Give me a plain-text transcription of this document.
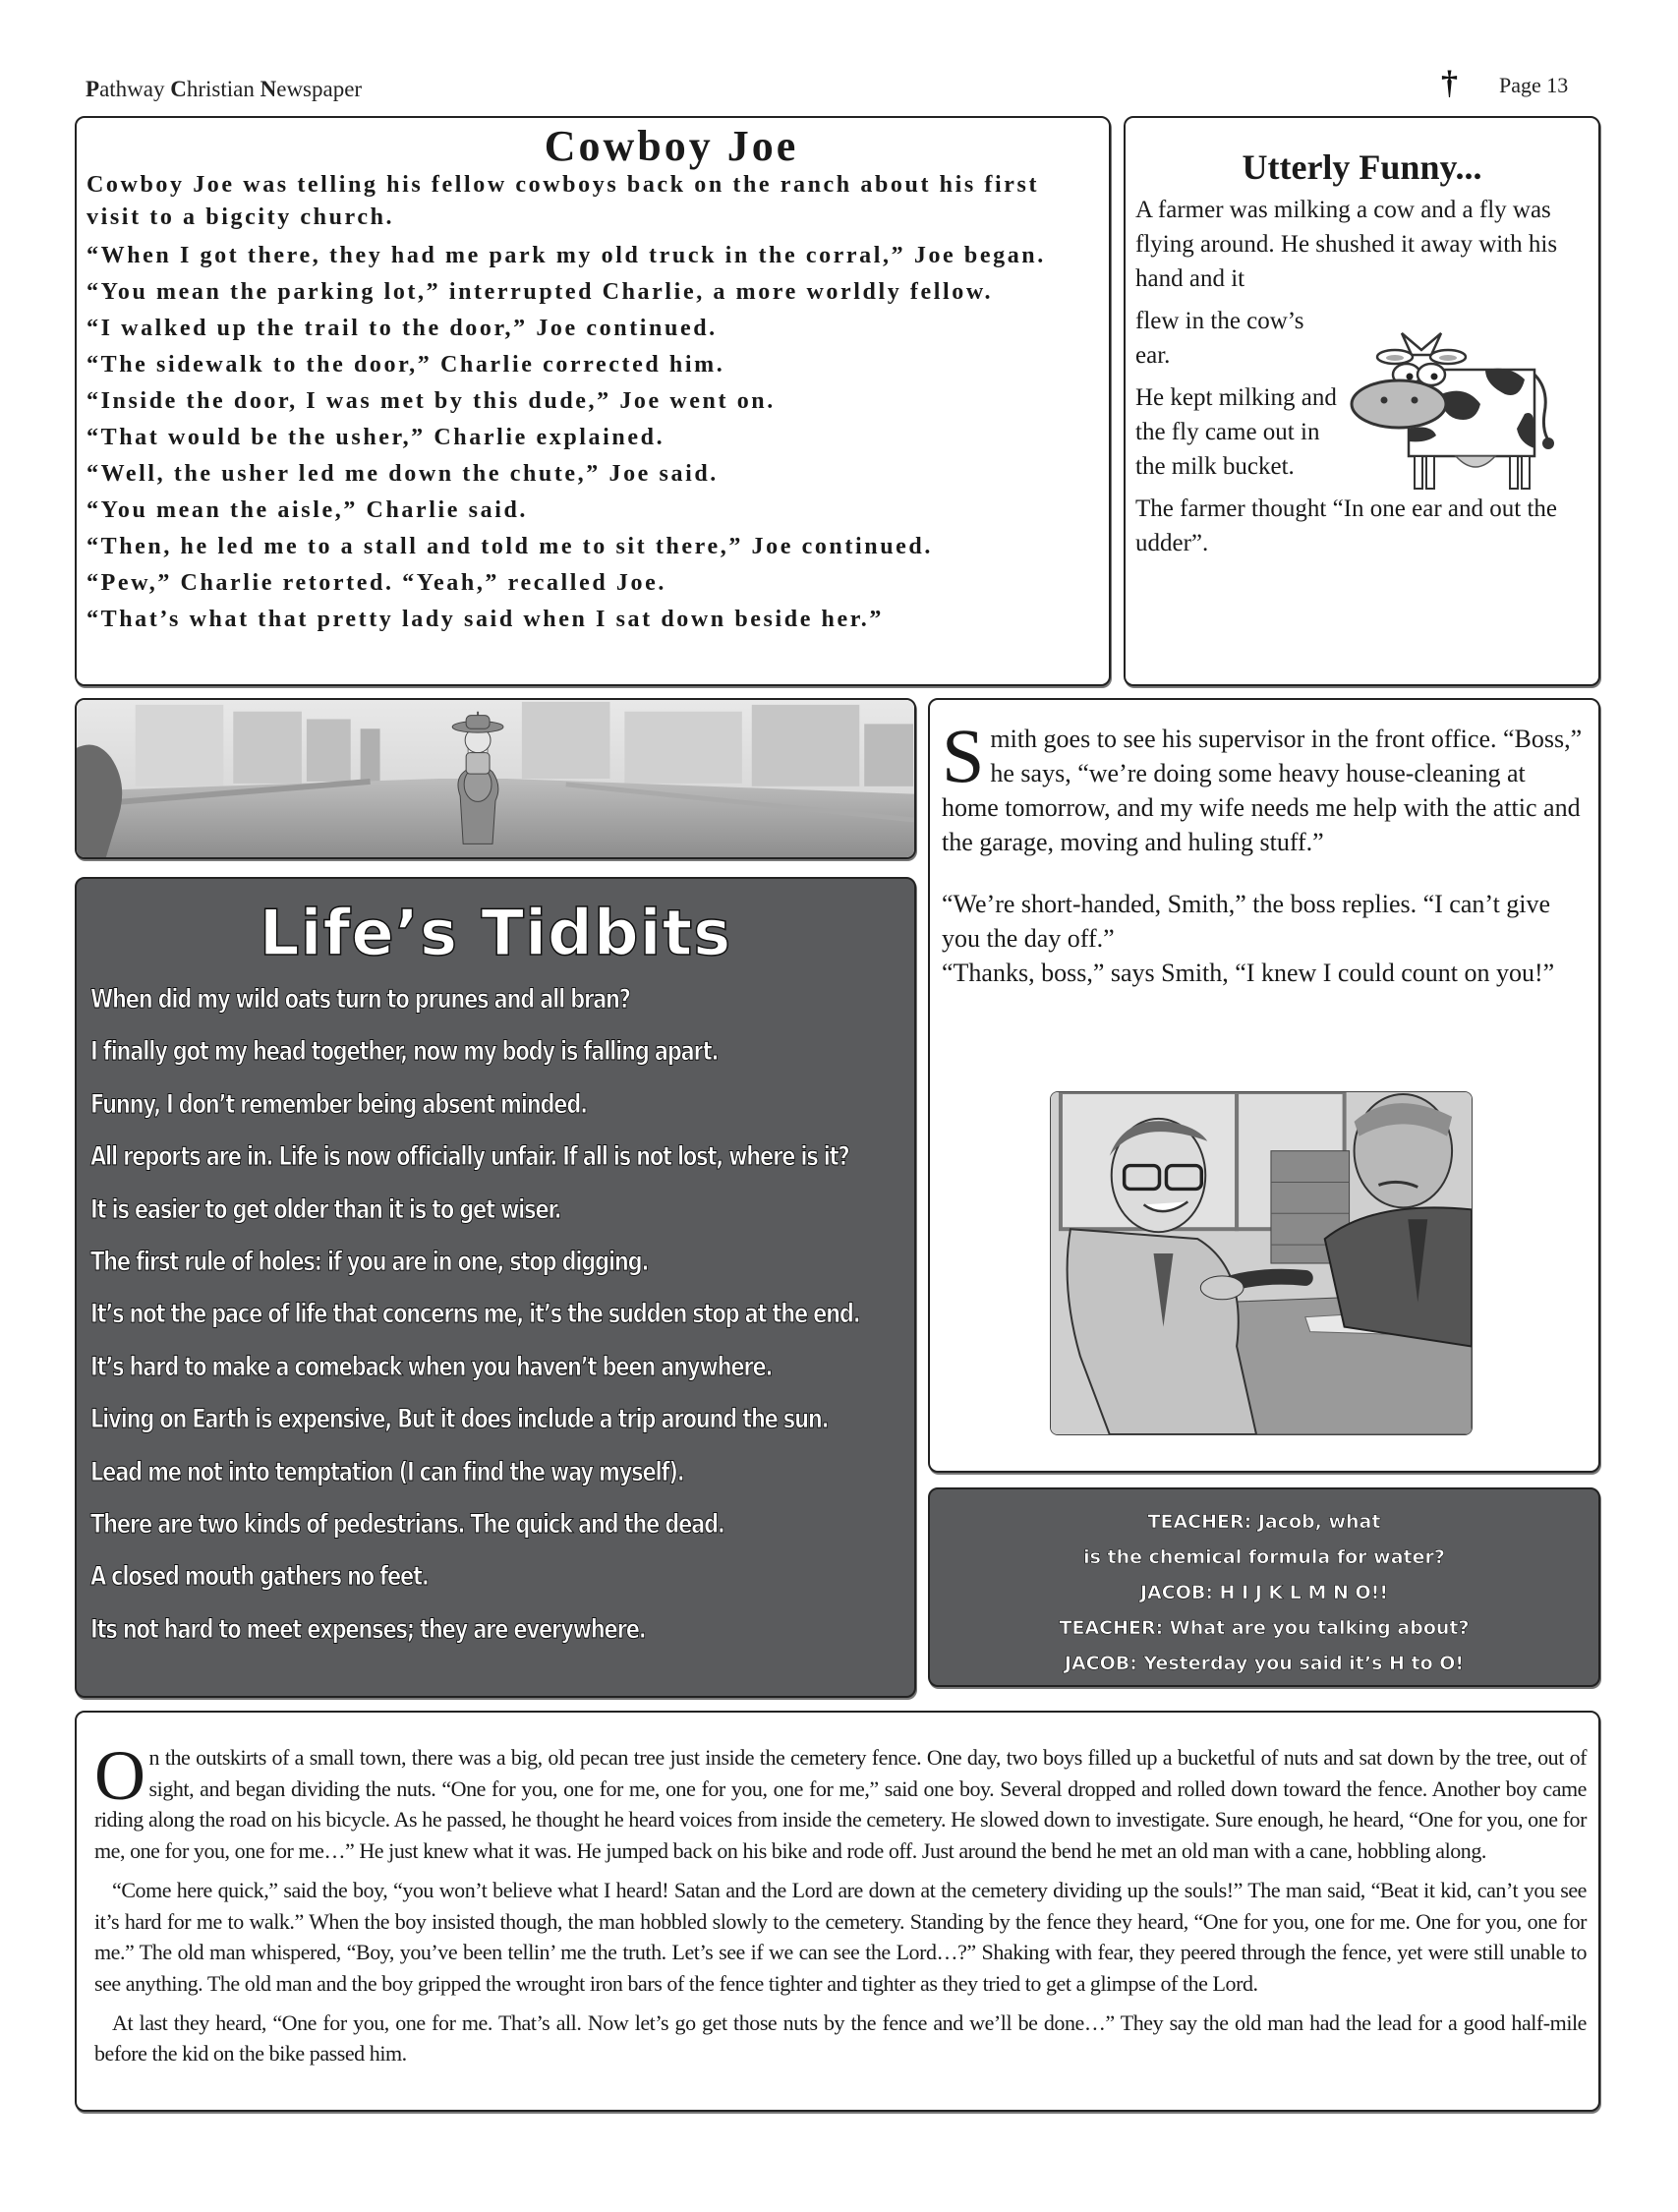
Pathway Christian Newspaper	† Page 13
Cowboy Joe

Cowboy Joe was telling his fellow cowboys back on the ranch about his first visit to a bigcity church.

“When I got there, they had me park my old truck in the corral,” Joe began.

“You mean the parking lot,” interrupted Charlie, a more worldly fellow.

“I walked up the trail to the door,” Joe continued.

“The sidewalk to the door,” Charlie corrected him.

“Inside the door, I was met by this dude,” Joe went on.

“That would be the usher,” Charlie explained.

“Well, the usher led me down the chute,” Joe said.

“You mean the aisle,” Charlie said.

“Then, he led me to a stall and told me to sit there,” Joe continued.

“Pew,” Charlie retorted. “Yeah,” recalled Joe.

“That’s what that pretty lady said when I sat down beside her.”

Utterly Funny...

A farmer was milking a cow and a fly was flying around. He shushed it away with his hand and it

flew in the cow’s ear.

He kept milking and the fly came out in the milk bucket.

The farmer thought “In one ear and out the udder”.

Life’s Tidbits
When did my wild oats turn to prunes and all bran?
I finally got my head together, now my body is falling apart.
Funny, I don’t remember being absent minded.
All reports are in. Life is now officially unfair. If all is not lost, where is it?
It is easier to get older than it is to get wiser.
The first rule of holes: if you are in one, stop digging.
It’s not the pace of life that concerns me, it’s the sudden stop at the end.
It’s hard to make a comeback when you haven’t been anywhere.
Living on Earth is expensive, But it does include a trip around the sun.
Lead me not into temptation (I can find the way myself).
There are two kinds of pedestrians. The quick and the dead.
A closed mouth gathers no feet.
Its not hard to meet expenses; they are everywhere.

Smith goes to see his supervisor in the front office. “Boss,” he says, “we’re doing some heavy house-cleaning at home tomorrow, and my wife needs me help with the attic and the garage, moving and huling stuff.”

“We’re short-handed, Smith,” the boss replies. “I can’t give you the day off.”

“Thanks, boss,” says Smith, “I knew I could count on you!”

TEACHER: Jacob, what

is the chemical formula for water?

JACOB: H I J K L M N O!!

TEACHER: What are you talking about?

JACOB: Yesterday you said it’s H to O!

On the outskirts of a small town, there was a big, old pecan tree just inside the cemetery fence. One day, two boys filled up a bucketful of nuts and sat down by the tree, out of sight, and began dividing the nuts. “One for you, one for me, one for you, one for me,” said one boy. Several dropped and rolled down toward the fence. Another boy came riding along the road on his bicycle. As he passed, he thought he heard voices from inside the cemetery. He slowed down to investigate. Sure enough, he heard, “One for you, one for me, one for you, one for me…” He just knew what it was. He jumped back on his bike and rode off. Just around the bend he met an old man with a cane, hobbling along.

“Come here quick,” said the boy, “you won’t believe what I heard! Satan and the Lord are down at the cemetery dividing up the souls!” The man said, “Beat it kid, can’t you see it’s hard for me to walk.” When the boy insisted though, the man hobbled slowly to the cemetery. Standing by the fence they heard, “One for you, one for me. One for you, one for me.” The old man whispered, “Boy, you’ve been tellin’ me the truth. Let’s see if we can see the Lord…?” Shaking with fear, they peered through the fence, yet were still unable to see anything. The old man and the boy gripped the wrought iron bars of the fence tighter and tighter as they tried to get a glimpse of the Lord.

At last they heard, “One for you, one for me. That’s all. Now let’s go get those nuts by the fence and we’ll be done…” They say the old man had the lead for a good half-mile before the kid on the bike passed him.
